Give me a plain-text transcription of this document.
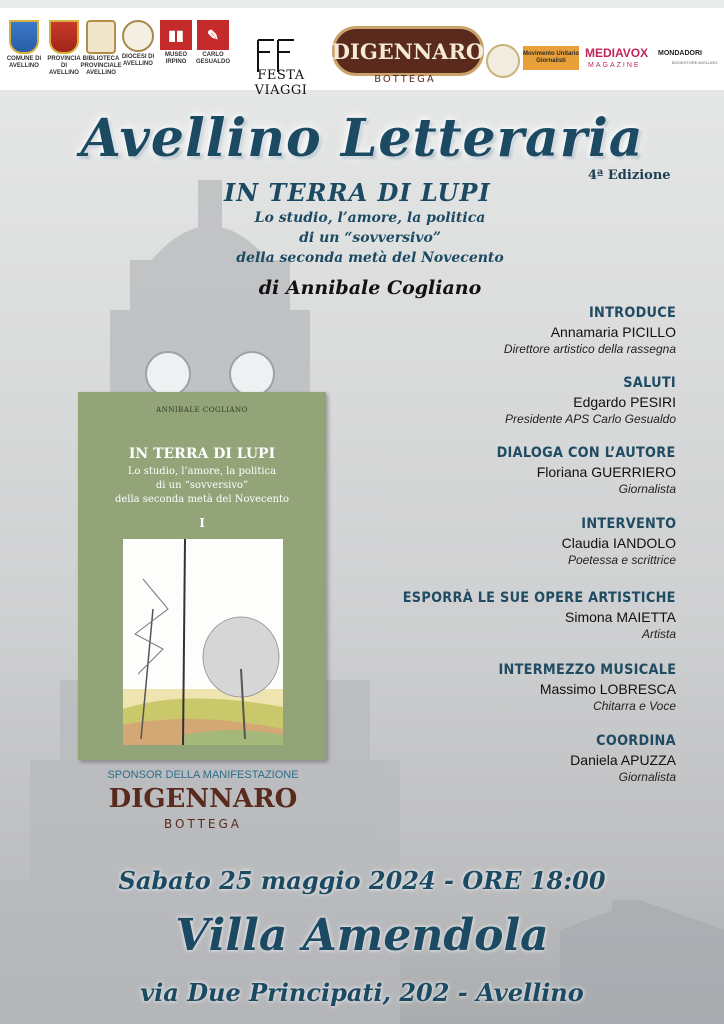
COMUNE DI AVELLINO
PROVINCIA DI AVELLINO
BIBLIOTECA PROVINCIALE AVELLINO
DIOCESI DI AVELLINO
▮▮
MUSEO IRPINO
✎
CARLO GESUALDO
FESTA VIAGGI
DIGENNARO
BOTTEGA
Movimento Unitario Giornalisti
MEDIAVOX
MAGAZINE
MONDADORI
BOOKSTORE AVELLINO
Avellino Letteraria
4ª Edizione
IN TERRA DI LUPI
Lo studio, l’amore, la politica
di un “sovversivo”
della seconda metà del Novecento
di Annibale Cogliano
INTRODUCE
Annamaria PICILLO
Direttore artistico della rassegna
SALUTI
Edgardo PESIRI
Presidente APS Carlo Gesualdo
DIALOGA CON L’AUTORE
Floriana GUERRIERO
Giornalista
INTERVENTO
Claudia IANDOLO
Poetessa e scrittrice
ESPORRÀ LE SUE OPERE ARTISTICHE
Simona MAIETTA
Artista
INTERMEZZO MUSICALE
Massimo LOBRESCA
Chitarra e Voce
COORDINA
Daniela APUZZA
Giornalista
ANNIBALE COGLIANO
IN TERRA DI LUPI
Lo studio, l’amore, la politica
di un “sovversivo”
della seconda metà del Novecento
I
SPONSOR DELLA MANIFESTAZIONE
DIGENNARO
BOTTEGA
Sabato 25 maggio 2024 - ORE 18:00
Villa Amendola
via Due Principati, 202 - Avellino
